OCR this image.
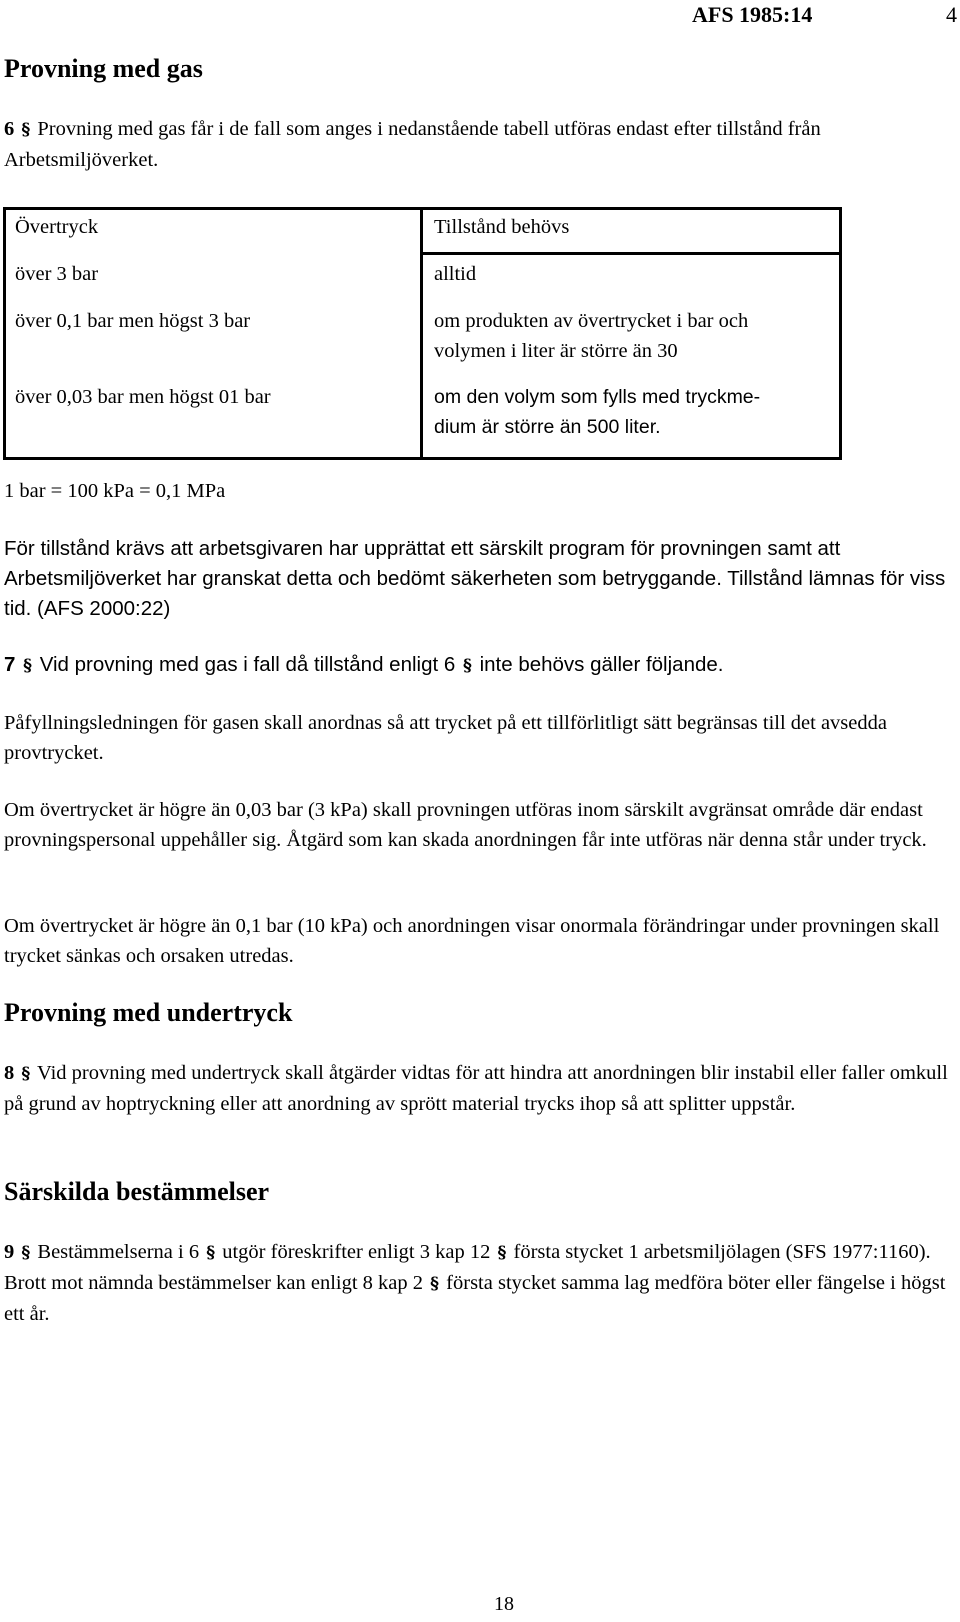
AFS 1985:14	4
Provning med gas

6 § Provning med gas får i de fall som anges i nedanstående tabell utföras endast efter tillstånd från Arbetsmiljöverket.

Övertryck	Tillstånd behövs
över 3 bar	alltid
över 0,1 bar men högst 3 bar	om produkten av övertrycket i bar och
volymen i liter är större än 30
över 0,03 bar men högst 01 bar	om den volym som fylls med tryckme-
dium är större än 500 liter.

1 bar = 100 kPa = 0,1 MPa

För tillstånd krävs att arbetsgivaren har upprättat ett särskilt program för provningen samt att Arbetsmiljöverket har granskat detta och bedömt säkerheten som betryggande. Tillstånd lämnas för viss tid. (AFS 2000:22)

7 § Vid provning med gas i fall då tillstånd enligt 6 § inte behövs gäller följande.

Påfyllningsledningen för gasen skall anordnas så att trycket på ett tillförlitligt sätt begränsas till det avsedda provtrycket.

Om övertrycket är högre än 0,03 bar (3 kPa) skall provningen utföras inom särskilt avgränsat område där endast provningspersonal uppehåller sig. Åtgärd som kan skada anordningen får inte utföras när denna står under tryck.

Om övertrycket är högre än 0,1 bar (10 kPa) och anordningen visar onormala förändringar under provningen skall trycket sänkas och orsaken utredas.

Provning med undertryck

8 § Vid provning med undertryck skall åtgärder vidtas för att hindra att anordningen blir instabil eller faller omkull på grund av hoptryckning eller att anordning av sprött material trycks ihop så att splitter uppstår.

Särskilda bestämmelser

9 § Bestämmelserna i 6 § utgör föreskrifter enligt 3 kap 12 § första stycket 1 arbetsmiljölagen (SFS 1977:1160). Brott mot nämnda bestämmelser kan enligt 8 kap 2 § första stycket samma lag medföra böter eller fängelse i högst ett år.

18
